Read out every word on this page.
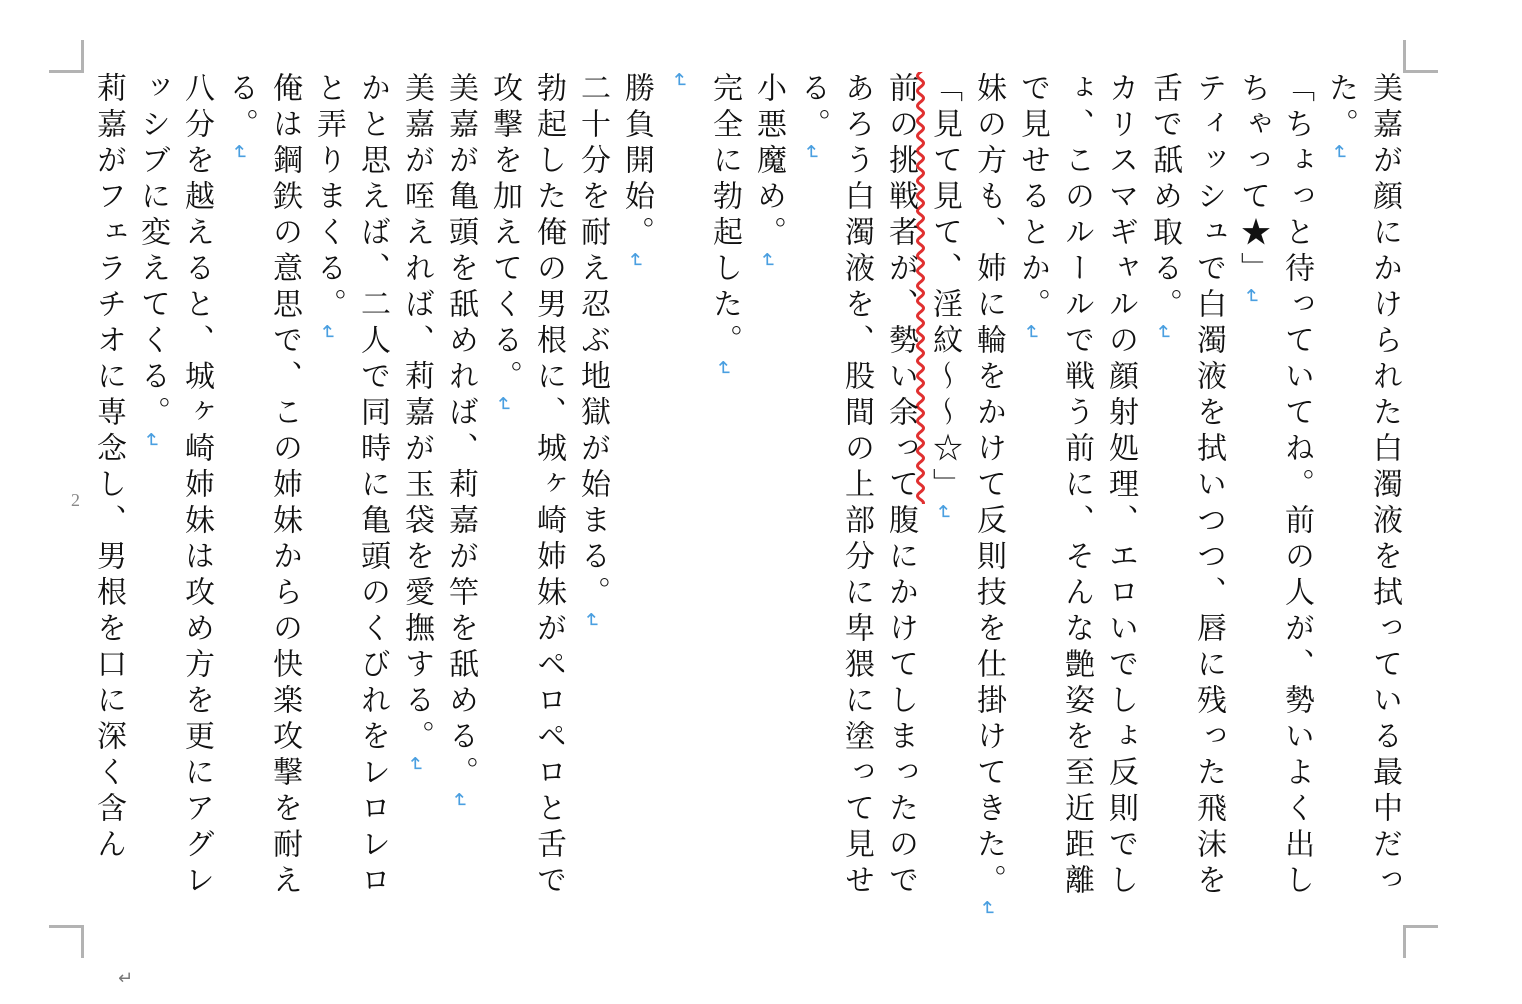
美嘉が顔にかけられた白濁液を拭っている最中だった。↵

「ちょっと待っていてね。前の人が、勢いよく出しちゃって★」↵

ティッシュで白濁液を拭いつつ、唇に残った飛沫を舌で舐め取る。↵

カリスマギャルの顔射処理、エロいでしょ反則でしょ、このルールで戦う前に、そんな艶姿を至近距離で見せるとか。↵

妹の方も、姉に輪をかけて反則技を仕掛けてきた。↵

「見て見て、淫紋～～☆」↵

前の挑戦者が、勢い余って腹にかけてしまったのであろう白濁液を、股間の上部分に卑猥に塗って見せる。↵

小悪魔め。↵

完全に勃起した。↵

↵

勝負開始。↵

二十分を耐え忍ぶ地獄が始まる。↵

勃起した俺の男根に、城ヶ崎姉妹がペロペロと舌で攻撃を加えてくる。↵

美嘉が亀頭を舐めれば、莉嘉が竿を舐める。↵

美嘉が咥えれば、莉嘉が玉袋を愛撫する。↵

かと思えば、二人で同時に亀頭のくびれをレロレロと弄りまくる。↵

俺は鋼鉄の意思で、この姉妹からの快楽攻撃を耐える。↵

八分を越えると、城ヶ崎姉妹は攻め方を更にアグレッシブに変えてくる。↵

莉嘉がフェラチオに専念し、男根を口に深く含ん

2
↵
